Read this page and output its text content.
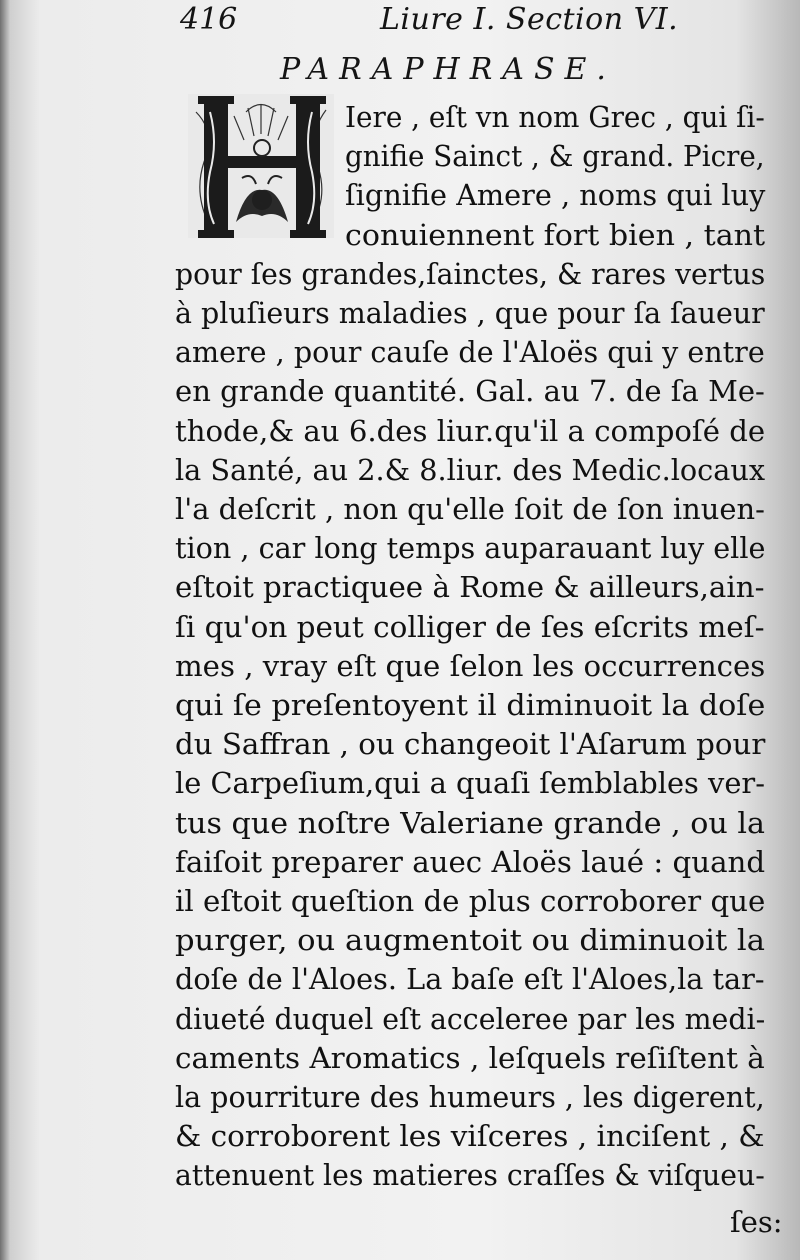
416	Liure I. Section VI.
PARAPHRASE.
Iere , eſt vn nom Grec , qui ſi-
gnifie Sainct , & grand. Picre,
ſignifie Amere , noms qui luy
conuiennent fort bien , tant
pour ſes grandes,ſainctes, & rares vertus
à pluſieurs maladies , que pour ſa ſaueur
amere , pour cauſe de l'Aloës qui y entre
en grande quantité. Gal. au 7. de ſa Me-
thode,& au 6.des liur.qu'il a compoſé de
la Santé, au 2.& 8.liur. des Medic.locaux
l'a deſcrit , non qu'elle ſoit de ſon inuen-
tion , car long temps auparauant luy elle
eſtoit practiquee à Rome & ailleurs,ain-
ſi qu'on peut colliger de ſes eſcrits meſ-
mes , vray eſt que ſelon les occurrences
qui ſe preſentoyent il diminuoit la doſe
du Saffran , ou changeoit l'Aſarum pour
le Carpeſium,qui a quaſi ſemblables ver-
tus que noſtre Valeriane grande , ou la
faiſoit preparer auec Aloës laué : quand
il eſtoit queſtion de plus corroborer que
purger, ou augmentoit ou diminuoit la
doſe de l'Aloes. La baſe eſt l'Aloes,la tar-
diueté duquel eſt acceleree par les medi-
caments Aromatics , leſquels reſiſtent à
la pourriture des humeurs , les digerent,
& corroborent les viſceres , inciſent , &
attenuent les matieres craſſes & viſqueu-
ſes:
